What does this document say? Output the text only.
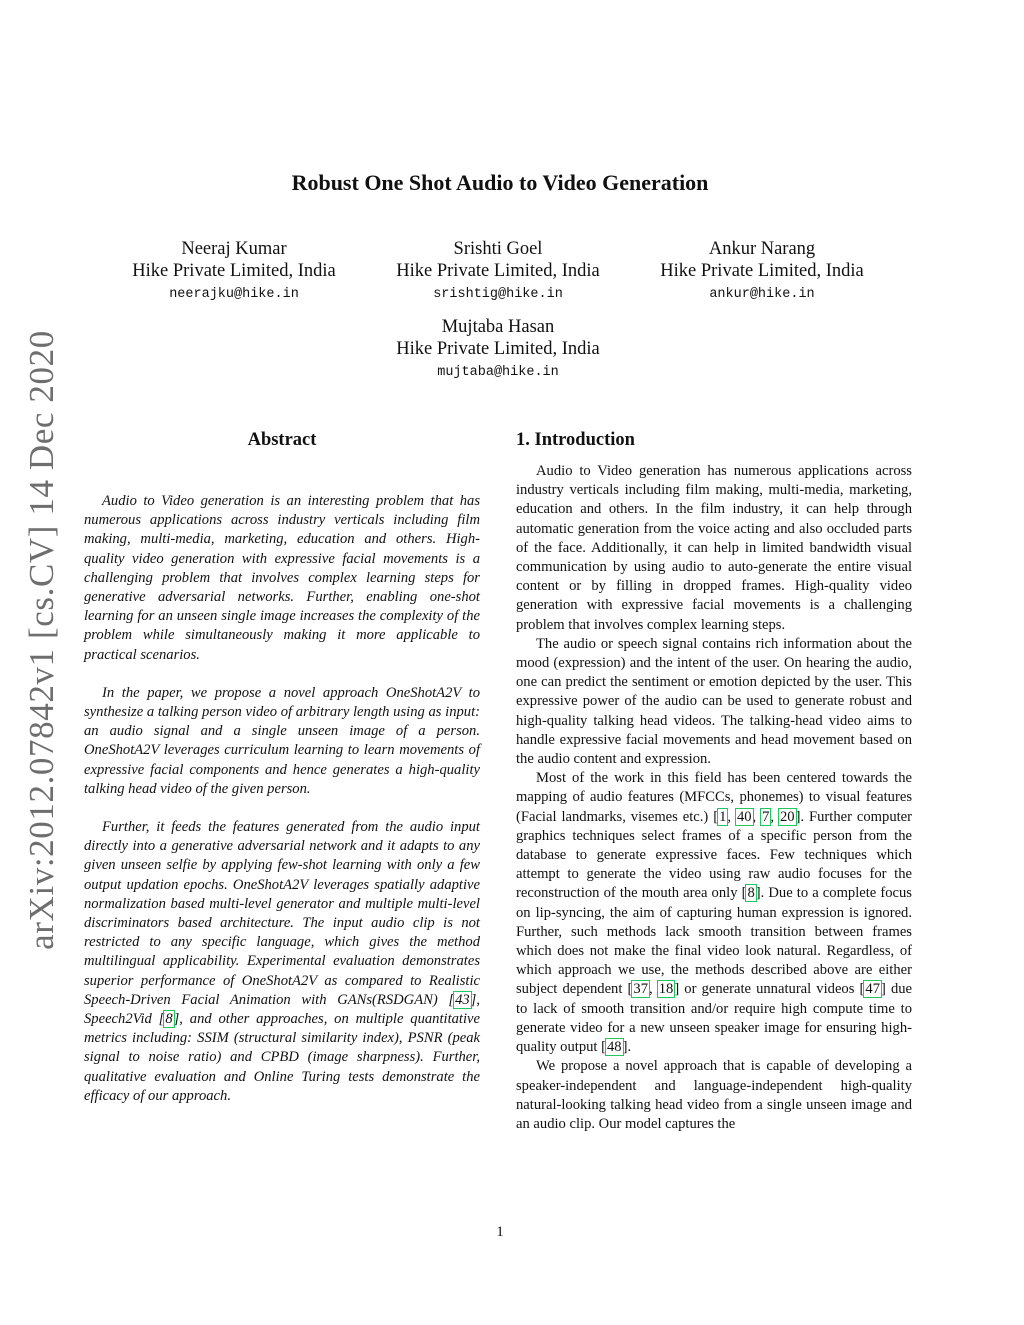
arXiv:2012.07842v1 [cs.CV] 14 Dec 2020
Robust One Shot Audio to Video Generation
Neeraj Kumar
Hike Private Limited, India
neerajku@hike.in
Srishti Goel
Hike Private Limited, India
srishtig@hike.in
Ankur Narang
Hike Private Limited, India
ankur@hike.in
Mujtaba Hasan
Hike Private Limited, India
mujtaba@hike.in
Abstract

Audio to Video generation is an interesting problem that has numerous applications across industry verticals including film making, multi-media, marketing, education and others. High-quality video generation with expressive facial movements is a challenging problem that involves complex learning steps for generative adversarial networks. Further, enabling one-shot learning for an unseen single image increases the complexity of the problem while simultaneously making it more applicable to practical scenarios.

In the paper, we propose a novel approach OneShotA2V to synthesize a talking person video of arbitrary length using as input: an audio signal and a single unseen image of a person. OneShotA2V leverages curriculum learning to learn movements of expressive facial components and hence generates a high-quality talking head video of the given person.

Further, it feeds the features generated from the audio input directly into a generative adversarial network and it adapts to any given unseen selfie by applying few-shot learning with only a few output updation epochs. OneShotA2V leverages spatially adaptive normalization based multi-level generator and multiple multi-level discriminators based architecture. The input audio clip is not restricted to any specific language, which gives the method multilingual applicability. Experimental evaluation demonstrates superior performance of OneShotA2V as compared to Realistic Speech-Driven Facial Animation with GANs(RSDGAN) [43], Speech2Vid [8], and other approaches, on multiple quantitative metrics including: SSIM (structural similarity index), PSNR (peak signal to noise ratio) and CPBD (image sharpness). Further, qualitative evaluation and Online Turing tests demonstrate the efficacy of our approach.

1. Introduction

Audio to Video generation has numerous applications across industry verticals including film making, multi-media, marketing, education and others. In the film industry, it can help through automatic generation from the voice acting and also occluded parts of the face. Additionally, it can help in limited bandwidth visual communication by using audio to auto-generate the entire visual content or by filling in dropped frames. High-quality video generation with expressive facial movements is a challenging problem that involves complex learning steps.

The audio or speech signal contains rich information about the mood (expression) and the intent of the user. On hearing the audio, one can predict the sentiment or emotion depicted by the user. This expressive power of the audio can be used to generate robust and high-quality talking head videos. The talking-head video aims to handle expressive facial movements and head movement based on the audio content and expression.

Most of the work in this field has been centered towards the mapping of audio features (MFCCs, phonemes) to visual features (Facial landmarks, visemes etc.) [1, 40, 7, 20]. Further computer graphics techniques select frames of a specific person from the database to generate expressive faces. Few techniques which attempt to generate the video using raw audio focuses for the reconstruction of the mouth area only [8]. Due to a complete focus on lip-syncing, the aim of capturing human expression is ignored. Further, such methods lack smooth transition between frames which does not make the final video look natural. Regardless, of which approach we use, the methods described above are either subject dependent [37, 18] or generate unnatural videos [47] due to lack of smooth transition and/or require high compute time to generate video for a new unseen speaker image for ensuring high-quality output [48].

We propose a novel approach that is capable of developing a speaker-independent and language-independent high-quality natural-looking talking head video from a single unseen image and an audio clip. Our model captures the

1
